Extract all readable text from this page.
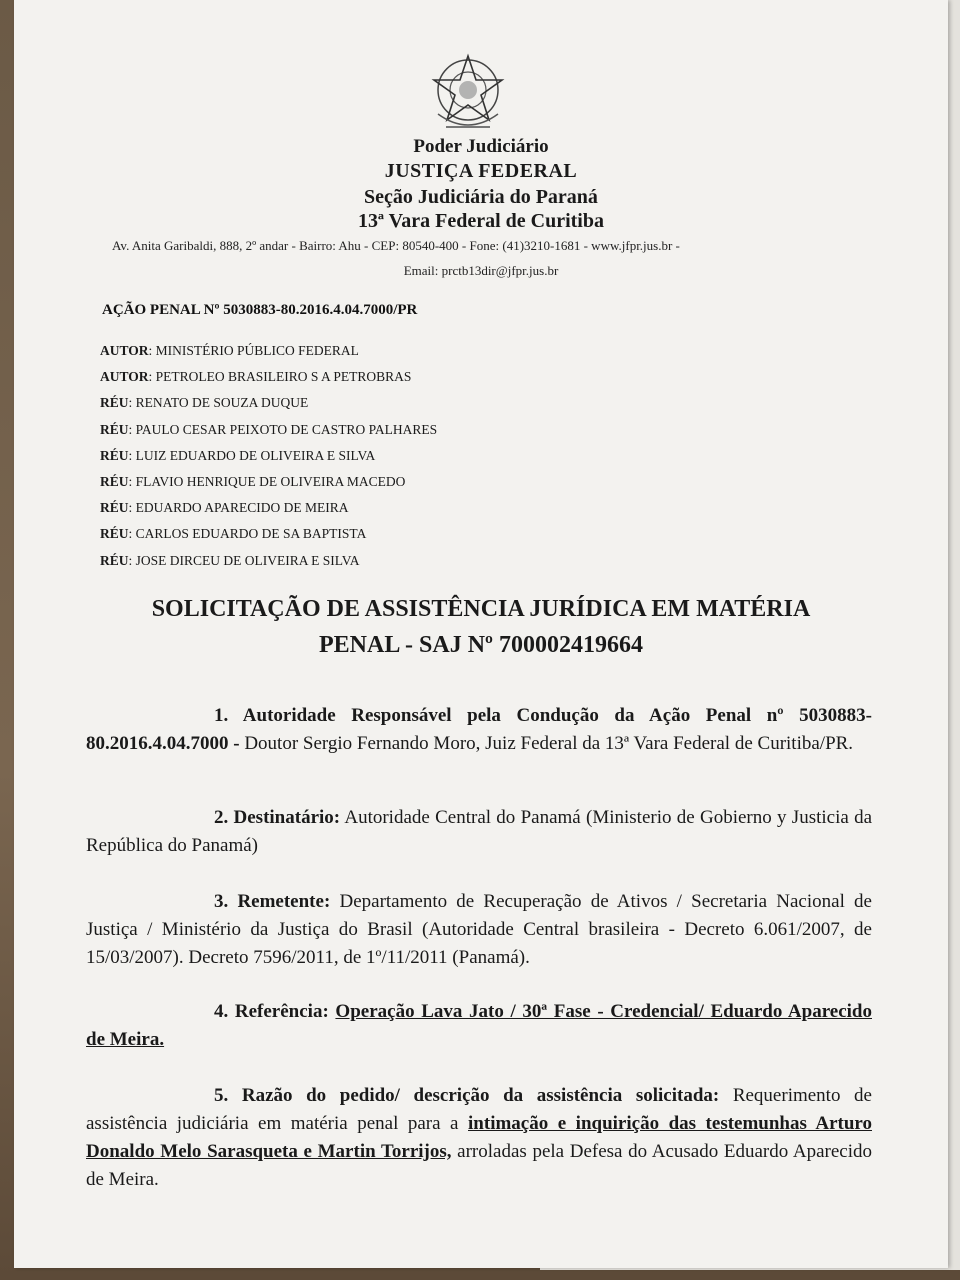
Poder Judiciário
JUSTIÇA FEDERAL
Seção Judiciária do Paraná
13ª Vara Federal de Curitiba
Av. Anita Garibaldi, 888, 2º andar - Bairro: Ahu - CEP: 80540-400 - Fone: (41)3210-1681 - www.jfpr.jus.br -
Email: prctb13dir@jfpr.jus.br
AÇÃO PENAL Nº 5030883-80.2016.4.04.7000/PR
AUTOR: MINISTÉRIO PÚBLICO FEDERAL
AUTOR: PETROLEO BRASILEIRO S A PETROBRAS
RÉU: RENATO DE SOUZA DUQUE
RÉU: PAULO CESAR PEIXOTO DE CASTRO PALHARES
RÉU: LUIZ EDUARDO DE OLIVEIRA E SILVA
RÉU: FLAVIO HENRIQUE DE OLIVEIRA MACEDO
RÉU: EDUARDO APARECIDO DE MEIRA
RÉU: CARLOS EDUARDO DE SA BAPTISTA
RÉU: JOSE DIRCEU DE OLIVEIRA E SILVA
SOLICITAÇÃO DE ASSISTÊNCIA JURÍDICA EM MATÉRIA
PENAL - SAJ Nº 700002419664
1. Autoridade Responsável pela Condução da Ação Penal nº 5030883-80.2016.4.04.7000 - Doutor Sergio Fernando Moro, Juiz Federal da 13ª Vara Federal de Curitiba/PR.
2. Destinatário: Autoridade Central do Panamá (Ministerio de Gobierno y Justicia da República do Panamá)
3. Remetente: Departamento de Recuperação de Ativos / Secretaria Nacional de Justiça / Ministério da Justiça do Brasil (Autoridade Central brasileira - Decreto 6.061/2007, de 15/03/2007). Decreto 7596/2011, de 1º/11/2011 (Panamá).
4. Referência: Operação Lava Jato / 30ª Fase - Credencial/ Eduardo Aparecido de Meira.
5. Razão do pedido/ descrição da assistência solicitada: Requerimento de assistência judiciária em matéria penal para a intimação e inquirição das testemunhas Arturo Donaldo Melo Sarasqueta e Martin Torrijos, arroladas pela Defesa do Acusado Eduardo Aparecido de Meira.
